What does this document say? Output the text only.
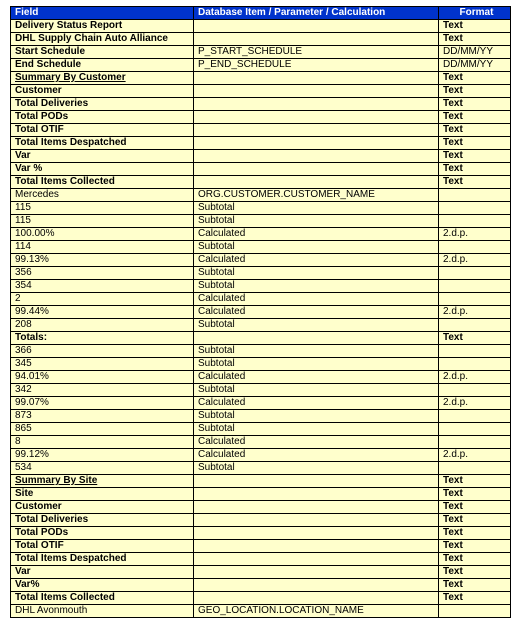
Field	Database Item / Parameter / Calculation	Format
Delivery Status Report		Text
DHL Supply Chain Auto Alliance		Text
Start Schedule	P_START_SCHEDULE	DD/MM/YY
End Schedule	P_END_SCHEDULE	DD/MM/YY
Summary By Customer		Text
Customer		Text
Total Deliveries		Text
Total PODs		Text
Total OTIF		Text
Total Items Despatched		Text
Var		Text
Var %		Text
Total Items Collected		Text
Mercedes	ORG.CUSTOMER.CUSTOMER_NAME	
115	Subtotal	
115	Subtotal	
100.00%	Calculated	2.d.p.
114	Subtotal	
99.13%	Calculated	2.d.p.
356	Subtotal	
354	Subtotal	
2	Calculated	
99.44%	Calculated	2.d.p.
208	Subtotal	
Totals:		Text
366	Subtotal	
345	Subtotal	
94.01%	Calculated	2.d.p.
342	Subtotal	
99.07%	Calculated	2.d.p.
873	Subtotal	
865	Subtotal	
8	Calculated	
99.12%	Calculated	2.d.p.
534	Subtotal	
Summary By Site		Text
Site		Text
Customer		Text
Total Deliveries		Text
Total PODs		Text
Total OTIF		Text
Total Items Despatched		Text
Var		Text
Var%		Text
Total Items Collected		Text
DHL Avonmouth	GEO_LOCATION.LOCATION_NAME	
